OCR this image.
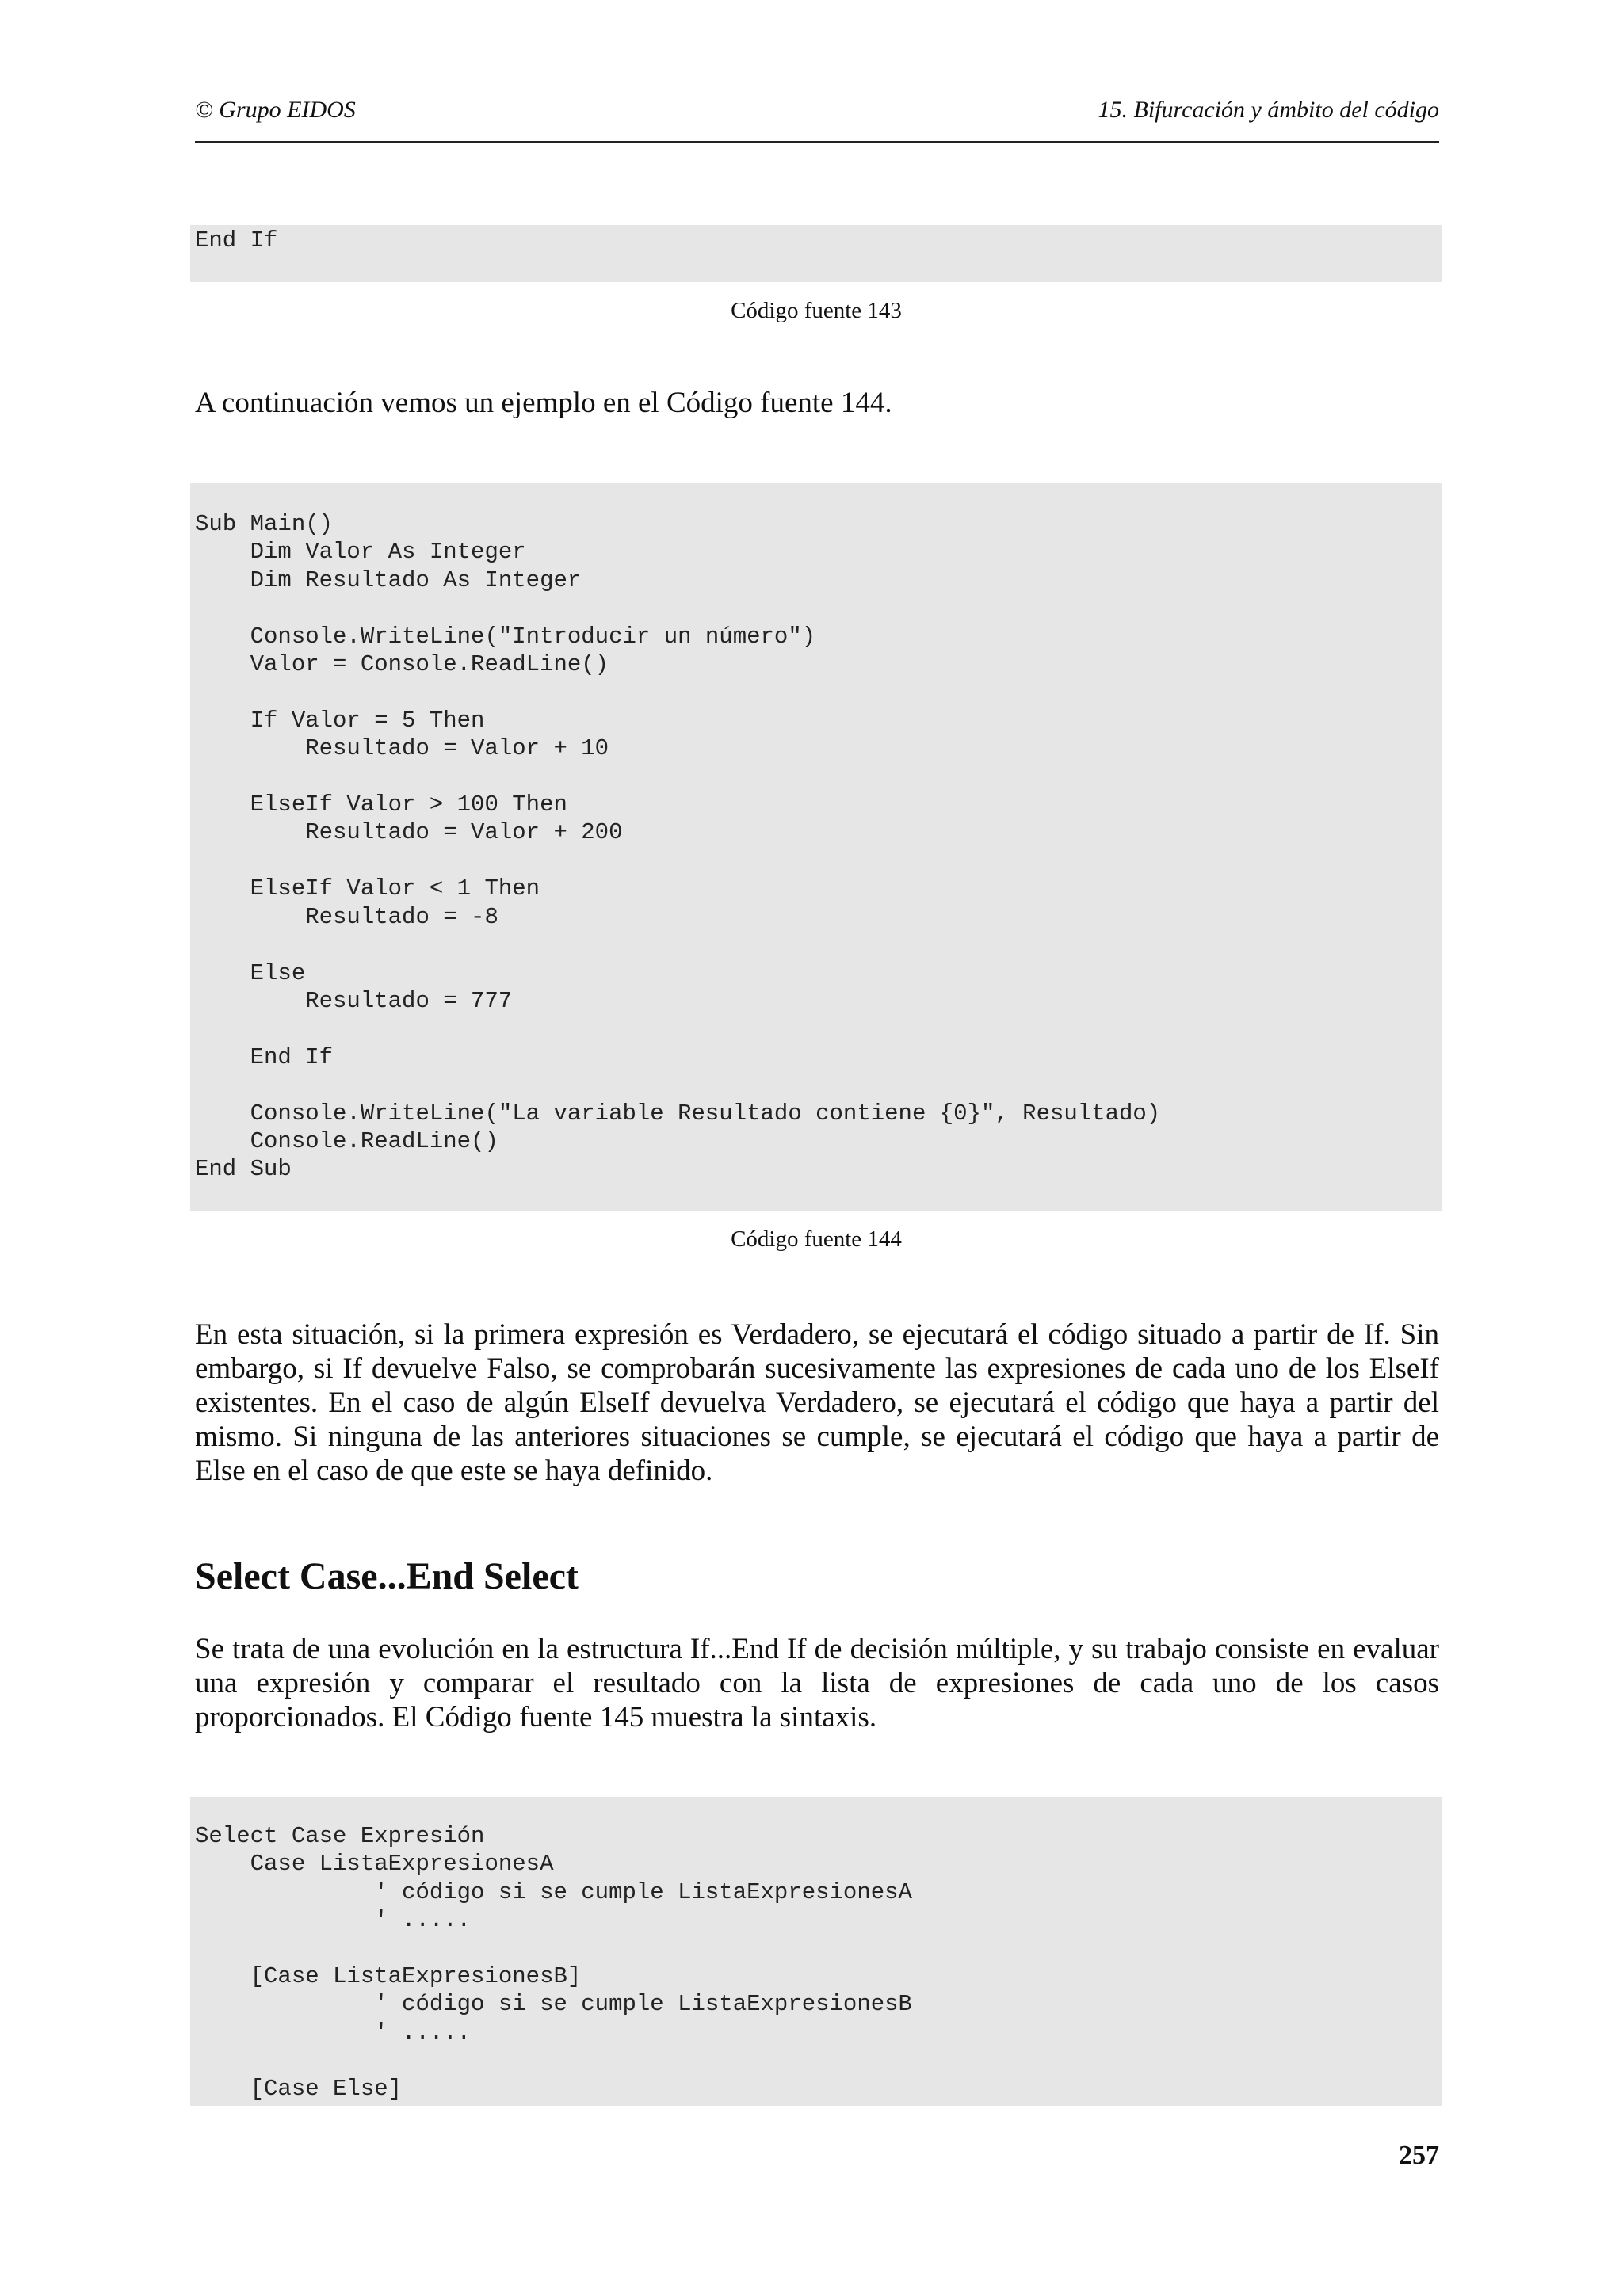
© Grupo EIDOS	15. Bifurcación y ámbito del código
End If
Código fuente 143

A continuación vemos un ejemplo en el Código fuente 144.

Sub Main()
Dim Valor As Integer
Dim Resultado As Integer

Console.WriteLine("Introducir un número")
Valor = Console.ReadLine()

If Valor = 5 Then
Resultado = Valor + 10

ElseIf Valor > 100 Then
Resultado = Valor + 200

ElseIf Valor < 1 Then
Resultado = -8

Else
Resultado = 777

End If

Console.WriteLine("La variable Resultado contiene {0}", Resultado)
Console.ReadLine()
End Sub
Código fuente 144

En esta situación, si la primera expresión es Verdadero, se ejecutará el código situado a partir de If. Sin embargo, si If devuelve Falso, se comprobarán sucesivamente las expresiones de cada uno de los ElseIf existentes. En el caso de algún ElseIf devuelva Verdadero, se ejecutará el código que haya a partir del mismo. Si ninguna de las anteriores situaciones se cumple, se ejecutará el código que haya a partir de Else en el caso de que este se haya definido.

Select Case...End Select

Se trata de una evolución en la estructura If...End If de decisión múltiple, y su trabajo consiste en evaluar una expresión y comparar el resultado con la lista de expresiones de cada uno de los casos proporcionados. El Código fuente 145 muestra la sintaxis.

Select Case Expresión
Case ListaExpresionesA
' código si se cumple ListaExpresionesA
' .....

[Case ListaExpresionesB]
' código si se cumple ListaExpresionesB
' .....

[Case Else]
257
